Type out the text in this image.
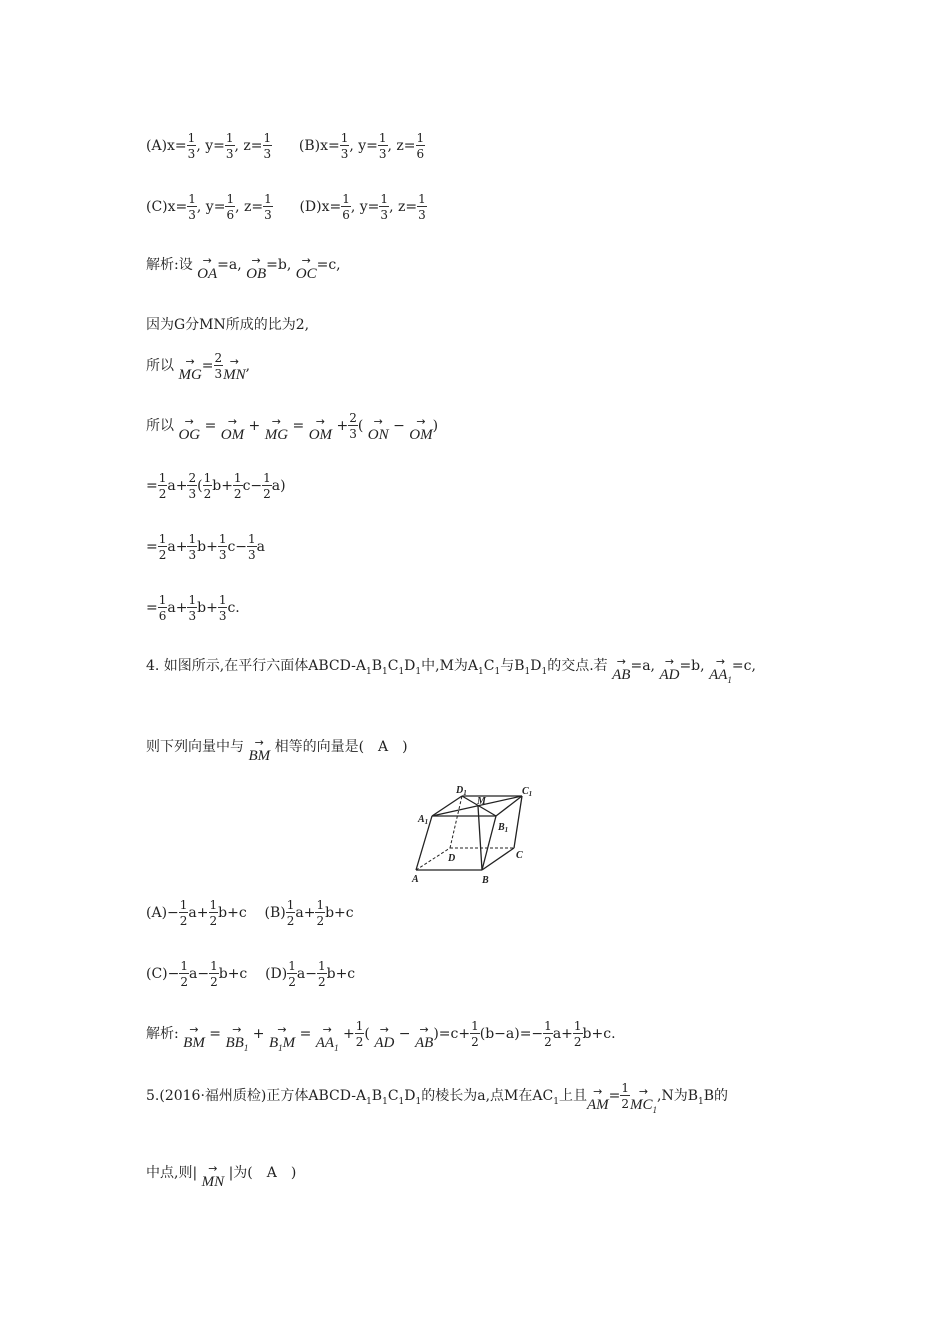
$(A)x= \frac{1}{3}$ , $y= \frac{1}{3}$ , $z= \frac{1}{3} (B)x= \frac{1}{3}$ , $y= \frac{1}{3}$ , $z= \frac{1}{6}$
$(C)x= \frac{1}{3}$ , $y= \frac{1}{6}$ , $z= \frac{1}{3} (D)x= \frac{1}{6}$ , $y= \frac{1}{3}$ , $z= \frac{1}{3}$
解析:设 →
OA
=a, →
OB
=b, →
OC
=c,
因为G分MN所成的比为2,
所以	→
MG
= $\frac{2}{3}$ →
MN
,
所以 →
OG
=	→
OM
+	→
MG
=	→
OM
+ $\frac{2}{3}$ ( →
ON
−	→
OM
)
= $\frac{1}{2} a+ \frac{2}{3}$ ( $\frac{1}{2} b+ \frac{1}{2} c- \frac{1}{2} a$)
= $\frac{1}{2} a+ \frac{1}{3} b+ \frac{1}{3} c- \frac{1}{3}$ a
= $\frac{1}{6} a+ \frac{1}{3} b+ \frac{1}{3} c$.
4. 如图所示,在平行六面体ABCD-$A_1B_1C_1D_1$中,M为$A_1C_1$与$B_1D_1$的交点.若 →
AB
=a, →
AD
=b,	→
$AA_1$
=c,
则下列向量中与 →
BM
相等的向量是(　A　)
A	B
C
D
$A_1$	$B_1$
$C_1$
$D_1$
M
$(A)- \frac{1}{2} a+ \frac{1}{2} b+c$ $(B) \frac{1}{2} a+ \frac{1}{2} b+c$
$(C)- \frac{1}{2} a- \frac{1}{2} b+c$ $(D) \frac{1}{2} a- \frac{1}{2} b+c$
解析: →
BM
=	→
$BB_1$
+	→
$B_1M$
=	→
$AA_1$
+ $\frac{1}{2}$ ( →
AD
− →
AB
)$=c+ \frac{1}{2} (b-a)=- \frac{1}{2} a+ \frac{1}{2} b+c$.
5.(2016·福州质检)正方体ABCD-$A_1B_1C_1D_1$的棱长为a,点M在$AC_1$上且 →
AM
= $\frac{1}{2}$ →
$MC_1$
,N为$B_1B$的
中点,则|	→
MN
|为(　A　)
